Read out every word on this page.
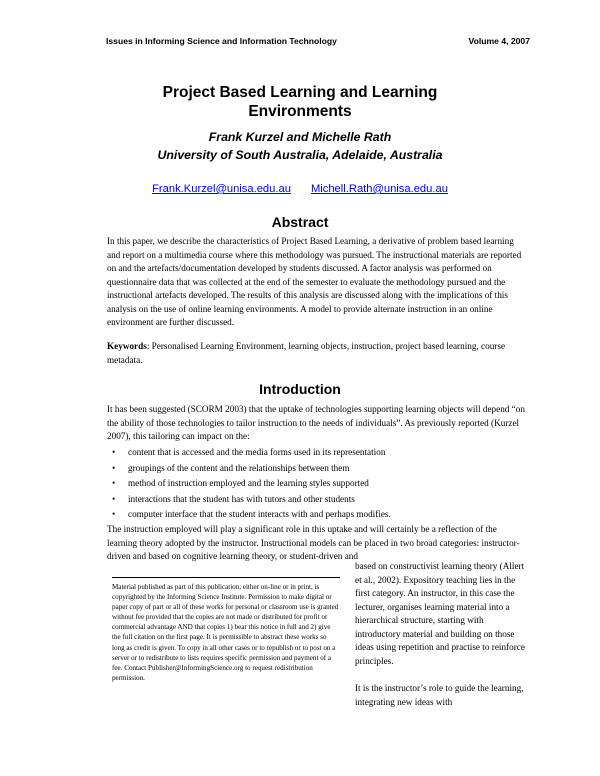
Issues in Informing Science and Information Technology	Volume 4, 2007
Project Based Learning and Learning
Environments
Frank Kurzel and Michelle Rath
University of South Australia, Adelaide, Australia
Frank.Kurzel@unisa.edu.au Michell.Rath@unisa.edu.au
Abstract
In this paper, we describe the characteristics of Project Based Learning, a derivative of problem based learning and report on a multimedia course where this methodology was pursued. The instructional materials are reported on and the artefacts/documentation developed by students discussed. A factor analysis was performed on questionnaire data that was collected at the end of the semester to evaluate the methodology pursued and the instructional artefacts developed. The results of this analysis are discussed along with the implications of this analysis on the use of online learning environments. A model to provide alternate instruction in an online environment are further discussed.
Keywords: Personalised Learning Environment, learning objects, instruction, project based learning, course metadata.
Introduction
It has been suggested (SCORM 2003) that the uptake of technologies supporting learning objects will depend “on the ability of those technologies to tailor instruction to the needs of individuals”. As previously reported (Kurzel 2007), this tailoring can impact on the:
• content that is accessed and the media forms used in its representation
• groupings of the content and the relationships between them
• method of instruction employed and the learning styles supported
• interactions that the student has with tutors and other students
• computer interface that the student interacts with and perhaps modifies.
The instruction employed will play a significant role in this uptake and will certainly be a reflection of the learning theory adopted by the instructor. Instructional models can be placed in two broad categories: instructor-driven and based on cognitive learning theory, or student-driven and
based on constructivist learning theory (Allert et al., 2002). Expository teaching lies in the first category. An instructor, in this case the lecturer, organises learning material into a hierarchical structure, starting with introductory material and building on those ideas using repetition and practise to reinforce principles.
It is the instructor’s role to guide the learning, integrating new ideas with
Material published as part of this publication, either on-line or in print, is copyrighted by the Informing Science Institute. Permission to make digital or paper copy of part or all of these works for personal or classroom use is granted without fee provided that the copies are not made or distributed for profit or commercial advantage AND that copies 1) bear this notice in full and 2) give the full citation on the first page. It is permissible to abstract these works so long as credit is given. To copy in all other cases or to republish or to post on a server or to redistribute to lists requires specific permission and payment of a fee. Contact Publisher@InformingScience.org to request redistribution permission.
